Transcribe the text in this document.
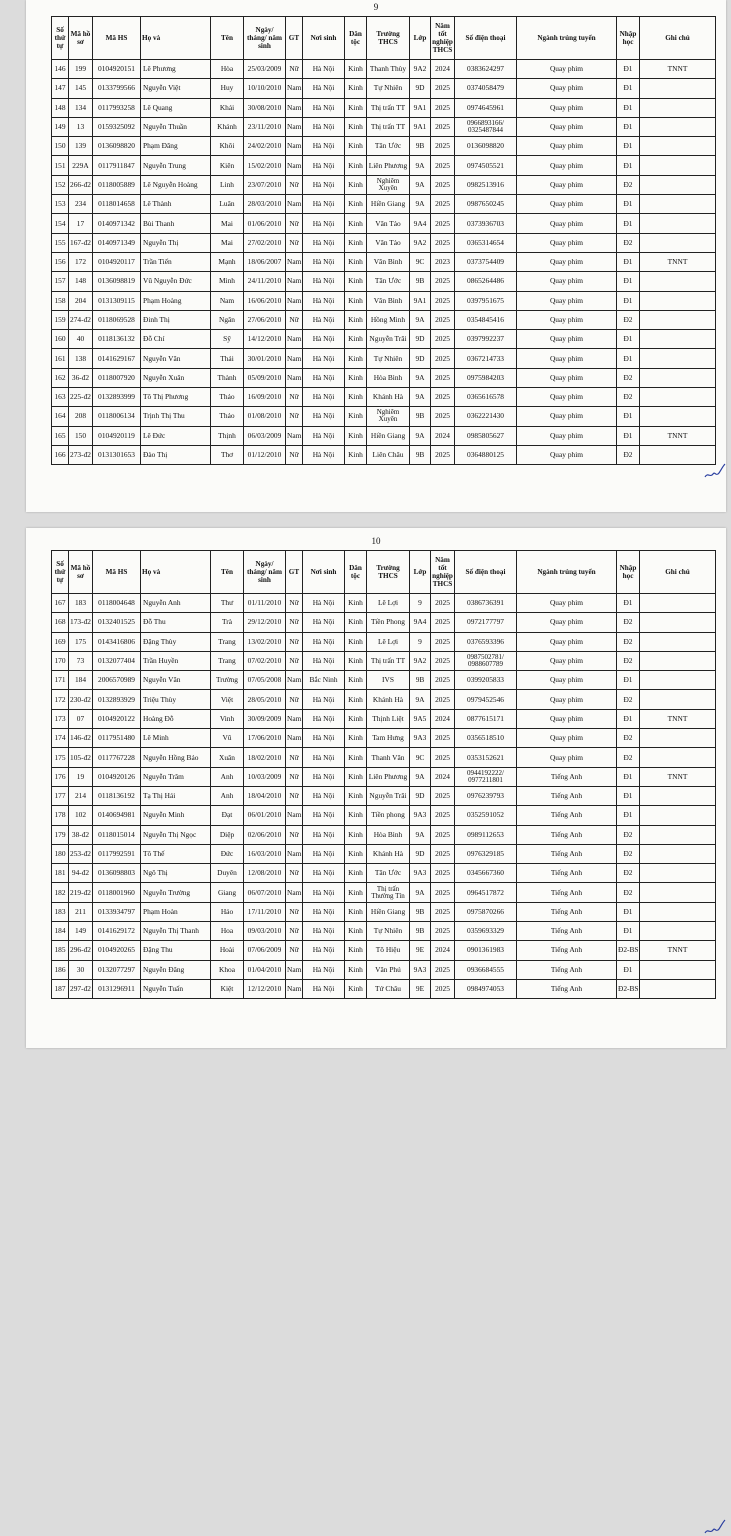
9
Số thứ tự	Mã hồ sơ	Mã HS	Họ và	Tên	Ngày/ tháng/ năm sinh	GT	Nơi sinh	Dân tộc	Trường THCS	Lớp	Năm tốt nghiệp THCS	Số điện thoại	Ngành trúng tuyển	Nhập học	Ghi chú
146	199	0104920151	Lê Phương	Hòa	25/03/2009	Nữ	Hà Nội	Kinh	Thanh Thùy	9A2	2024	0383624297	Quay phim	Đ1	TNNT
147	145	0133799566	Nguyễn Việt	Huy	10/10/2010	Nam	Hà Nội	Kinh	Tự Nhiên	9D	2025	0374058479	Quay phim	Đ1	
148	134	0117993258	Lê Quang	Khải	30/08/2010	Nam	Hà Nội	Kinh	Thị trấn TT	9A1	2025	0974645961	Quay phim	Đ1	
149	13	0159325092	Nguyễn Thuần	Khánh	23/11/2010	Nam	Hà Nội	Kinh	Thị trấn TT	9A1	2025	0966893166/ 0325487844	Quay phim	Đ1	
150	139	0136098820	Phạm Đăng	Khôi	24/02/2010	Nam	Hà Nội	Kinh	Tân Ước	9B	2025	0136098820	Quay phim	Đ1	
151	229A	0117911847	Nguyễn Trung	Kiên	15/02/2010	Nam	Hà Nội	Kinh	Liên Phương	9A	2025	0974505521	Quay phim	Đ1	
152	266-đ2	0118005889	Lê Nguyễn Hoàng	Linh	23/07/2010	Nữ	Hà Nội	Kinh	Nghiêm Xuyên	9A	2025	0982513916	Quay phim	Đ2	
153	234	0118014658	Lê Thành	Luân	28/03/2010	Nam	Hà Nội	Kinh	Hiền Giang	9A	2025	0987650245	Quay phim	Đ1	
154	17	0140971342	Bùi Thanh	Mai	01/06/2010	Nữ	Hà Nội	Kinh	Văn Tảo	9A4	2025	0373936703	Quay phim	Đ1	
155	167-đ2	0140971349	Nguyễn Thị	Mai	27/02/2010	Nữ	Hà Nội	Kinh	Văn Tảo	9A2	2025	0365314654	Quay phim	Đ2	
156	172	0104920117	Trần Tiến	Mạnh	18/06/2007	Nam	Hà Nội	Kinh	Văn Bình	9C	2023	0373754409	Quay phim	Đ1	TNNT
157	148	0136098819	Vũ Nguyễn Đức	Minh	24/11/2010	Nam	Hà Nội	Kinh	Tân Ước	9B	2025	0865264486	Quay phim	Đ1	
158	204	0131309115	Phạm Hoàng	Nam	16/06/2010	Nam	Hà Nội	Kinh	Văn Bình	9A1	2025	0397951675	Quay phim	Đ1	
159	274-đ2	0118069528	Đinh Thị	Ngân	27/06/2010	Nữ	Hà Nội	Kinh	Hồng Minh	9A	2025	0354845416	Quay phim	Đ2	
160	40	0118136132	Đỗ Chí	Sỹ	14/12/2010	Nam	Hà Nội	Kinh	Nguyễn Trãi	9D	2025	0397992237	Quay phim	Đ1	
161	138	0141629167	Nguyễn Văn	Thái	30/01/2010	Nam	Hà Nội	Kinh	Tự Nhiên	9D	2025	0367214733	Quay phim	Đ1	
162	36-đ2	0118007920	Nguyễn Xuân	Thành	05/09/2010	Nam	Hà Nội	Kinh	Hòa Bình	9A	2025	0975984203	Quay phim	Đ2	
163	225-đ2	0132893999	Tô Thị Phương	Thảo	16/09/2010	Nữ	Hà Nội	Kinh	Khánh Hà	9A	2025	0365616578	Quay phim	Đ2	
164	208	0118006134	Trịnh Thị Thu	Thảo	01/08/2010	Nữ	Hà Nội	Kinh	Nghiêm Xuyên	9B	2025	0362221430	Quay phim	Đ1	
165	150	0104920119	Lê Đức	Thịnh	06/03/2009	Nam	Hà Nội	Kinh	Hiền Giang	9A	2024	0985805627	Quay phim	Đ1	TNNT
166	273-đ2	0131301653	Đào Thị	Thơ	01/12/2010	Nữ	Hà Nội	Kinh	Liên Châu	9B	2025	0364880125	Quay phim	Đ2	
10
Số thứ tự	Mã hồ sơ	Mã HS	Họ và	Tên	Ngày/ tháng/ năm sinh	GT	Nơi sinh	Dân tộc	Trường THCS	Lớp	Năm tốt nghiệp THCS	Số điện thoại	Ngành trúng tuyển	Nhập học	Ghi chú
167	183	0118004648	Nguyễn Anh	Thư	01/11/2010	Nữ	Hà Nội	Kinh	Lê Lợi	9	2025	0386736391	Quay phim	Đ1	
168	173-đ2	0132401525	Đỗ Thu	Trà	29/12/2010	Nữ	Hà Nội	Kinh	Tiền Phong	9A4	2025	0972177797	Quay phim	Đ2	
169	175	0143416806	Đặng Thùy	Trang	13/02/2010	Nữ	Hà Nội	Kinh	Lê Lợi	9	2025	0376593396	Quay phim	Đ2	
170	73	0132077404	Trần Huyền	Trang	07/02/2010	Nữ	Hà Nội	Kinh	Thị trấn TT	9A2	2025	0987502781/ 0988607789	Quay phim	Đ2	
171	184	2006570989	Nguyễn Văn	Trường	07/05/2008	Nam	Bắc Ninh	Kinh	IVS	9B	2025	0399205833	Quay phim	Đ1	
172	230-đ2	0132893929	Triệu Thùy	Việt	28/05/2010	Nữ	Hà Nội	Kinh	Khánh Hà	9A	2025	0979452546	Quay phim	Đ2	
173	07	0104920122	Hoàng Đỗ	Vinh	30/09/2009	Nam	Hà Nội	Kinh	Thịnh Liệt	9A5	2024	0877615171	Quay phim	Đ1	TNNT
174	146-đ2	0117951480	Lê Minh	Vũ	17/06/2010	Nam	Hà Nội	Kinh	Tam Hưng	9A3	2025	0356518510	Quay phim	Đ2	
175	105-đ2	0117767228	Nguyễn Hồng Bảo	Xuân	18/02/2010	Nữ	Hà Nội	Kinh	Thanh Văn	9C	2025	0353152621	Quay phim	Đ2	
176	19	0104920126	Nguyễn Trâm	Anh	10/03/2009	Nữ	Hà Nội	Kinh	Liên Phương	9A	2024	0944192222/ 0977211801	Tiếng Anh	Đ1	TNNT
177	214	0118136192	Tạ Thị Hải	Anh	18/04/2010	Nữ	Hà Nội	Kinh	Nguyễn Trãi	9D	2025	0976239793	Tiếng Anh	Đ1	
178	102	0140694981	Nguyễn Minh	Đạt	06/01/2010	Nam	Hà Nội	Kinh	Tiền phong	9A3	2025	0352591052	Tiếng Anh	Đ1	
179	38-đ2	0118015014	Nguyễn Thị Ngọc	Diệp	02/06/2010	Nữ	Hà Nội	Kinh	Hòa Bình	9A	2025	0989112653	Tiếng Anh	Đ2	
180	253-đ2	0117992591	Tô Thế	Đức	16/03/2010	Nam	Hà Nội	Kinh	Khánh Hà	9D	2025	0976329185	Tiếng Anh	Đ2	
181	94-đ2	0136098803	Ngô Thị	Duyên	12/08/2010	Nữ	Hà Nội	Kinh	Tân Ước	9A3	2025	0345667360	Tiếng Anh	Đ2	
182	219-đ2	0118001960	Nguyễn Trường	Giang	06/07/2010	Nam	Hà Nội	Kinh	Thị trấn Thường Tín	9A	2025	0964517872	Tiếng Anh	Đ2	
183	211	0133934797	Phạm Hoàn	Hảo	17/11/2010	Nữ	Hà Nội	Kinh	Hiền Giang	9B	2025	0975870266	Tiếng Anh	Đ1	
184	149	0141629172	Nguyễn Thị Thanh	Hoa	09/03/2010	Nữ	Hà Nội	Kinh	Tự Nhiên	9B	2025	0359693329	Tiếng Anh	Đ1	
185	296-đ2	0104920265	Đặng Thu	Hoài	07/06/2009	Nữ	Hà Nội	Kinh	Tô Hiệu	9E	2024	0901361983	Tiếng Anh	Đ2-BS	TNNT
186	30	0132077297	Nguyễn Đăng	Khoa	01/04/2010	Nam	Hà Nội	Kinh	Văn Phú	9A3	2025	0936684555	Tiếng Anh	Đ1	
187	297-đ2	0131296911	Nguyễn Tuấn	Kiệt	12/12/2010	Nam	Hà Nội	Kinh	Tứ Châu	9E	2025	0984974053	Tiếng Anh	Đ2-BS	
